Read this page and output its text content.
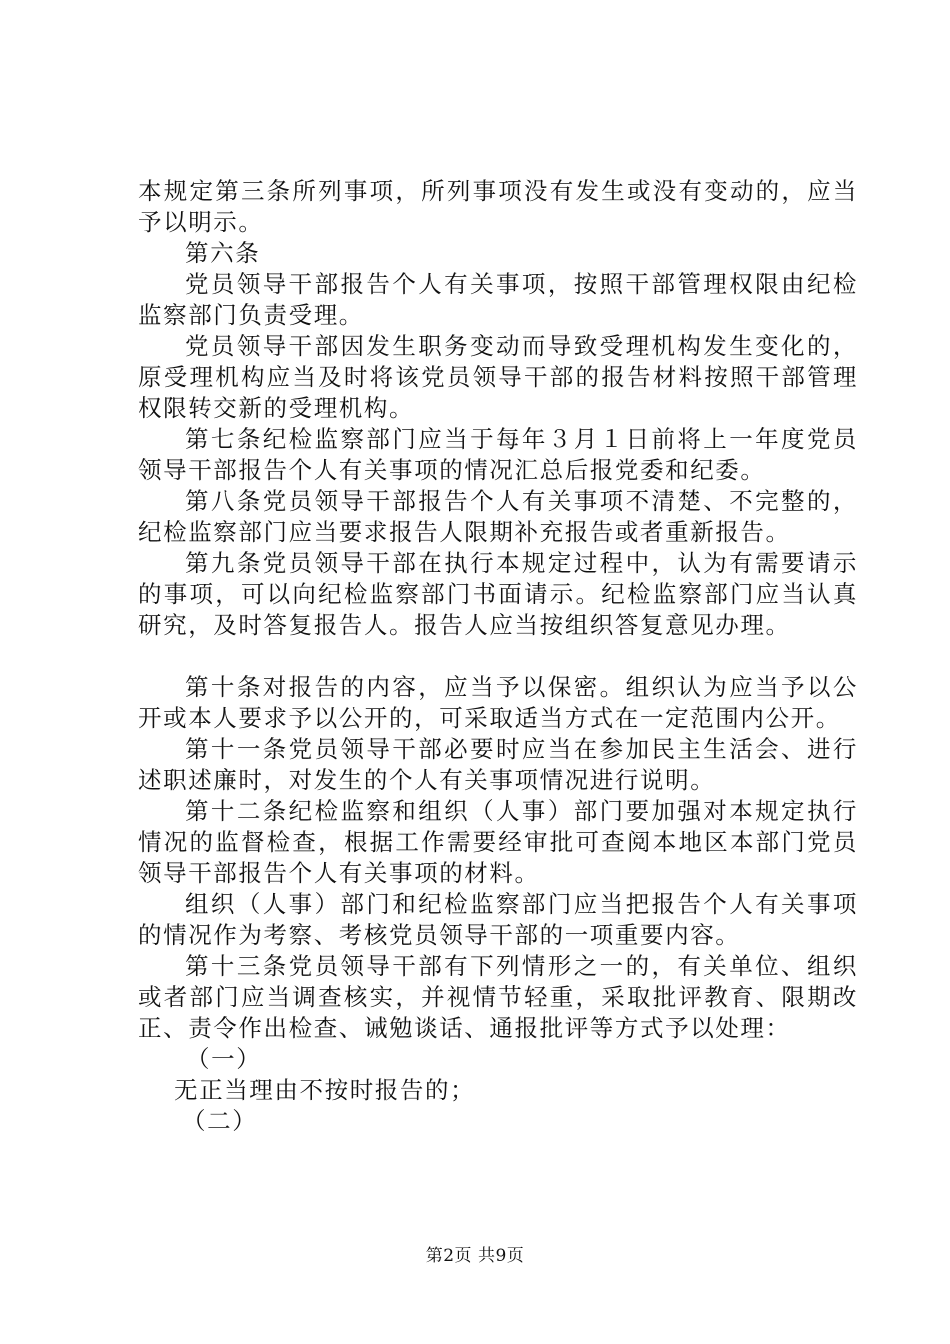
本规定第三条所列事项，所列事项没有发生或没有变动的，应当予以明示。

第六条

党员领导干部报告个人有关事项，按照干部管理权限由纪检监察部门负责受理。

党员领导干部因发生职务变动而导致受理机构发生变化的，原受理机构应当及时将该党员领导干部的报告材料按照干部管理权限转交新的受理机构。

第七条纪检监察部门应当于每年３月１日前将上一年度党员领导干部报告个人有关事项的情况汇总后报党委和纪委。

第八条党员领导干部报告个人有关事项不清楚、不完整的，纪检监察部门应当要求报告人限期补充报告或者重新报告。

第九条党员领导干部在执行本规定过程中，认为有需要请示的事项，可以向纪检监察部门书面请示。纪检监察部门应当认真研究，及时答复报告人。报告人应当按组织答复意见办理。

第十条对报告的内容，应当予以保密。组织认为应当予以公开或本人要求予以公开的，可采取适当方式在一定范围内公开。

第十一条党员领导干部必要时应当在参加民主生活会、进行述职述廉时，对发生的个人有关事项情况进行说明。

第十二条纪检监察和组织（人事）部门要加强对本规定执行情况的监督检查，根据工作需要经审批可查阅本地区本部门党员领导干部报告个人有关事项的材料。

组织（人事）部门和纪检监察部门应当把报告个人有关事项的情况作为考察、考核党员领导干部的一项重要内容。

第十三条党员领导干部有下列情形之一的，有关单位、组织或者部门应当调查核实，并视情节轻重，采取批评教育、限期改正、责令作出检查、诫勉谈话、通报批评等方式予以处理：

（一）

无正当理由不按时报告的；

（二）

第2页 共9页
